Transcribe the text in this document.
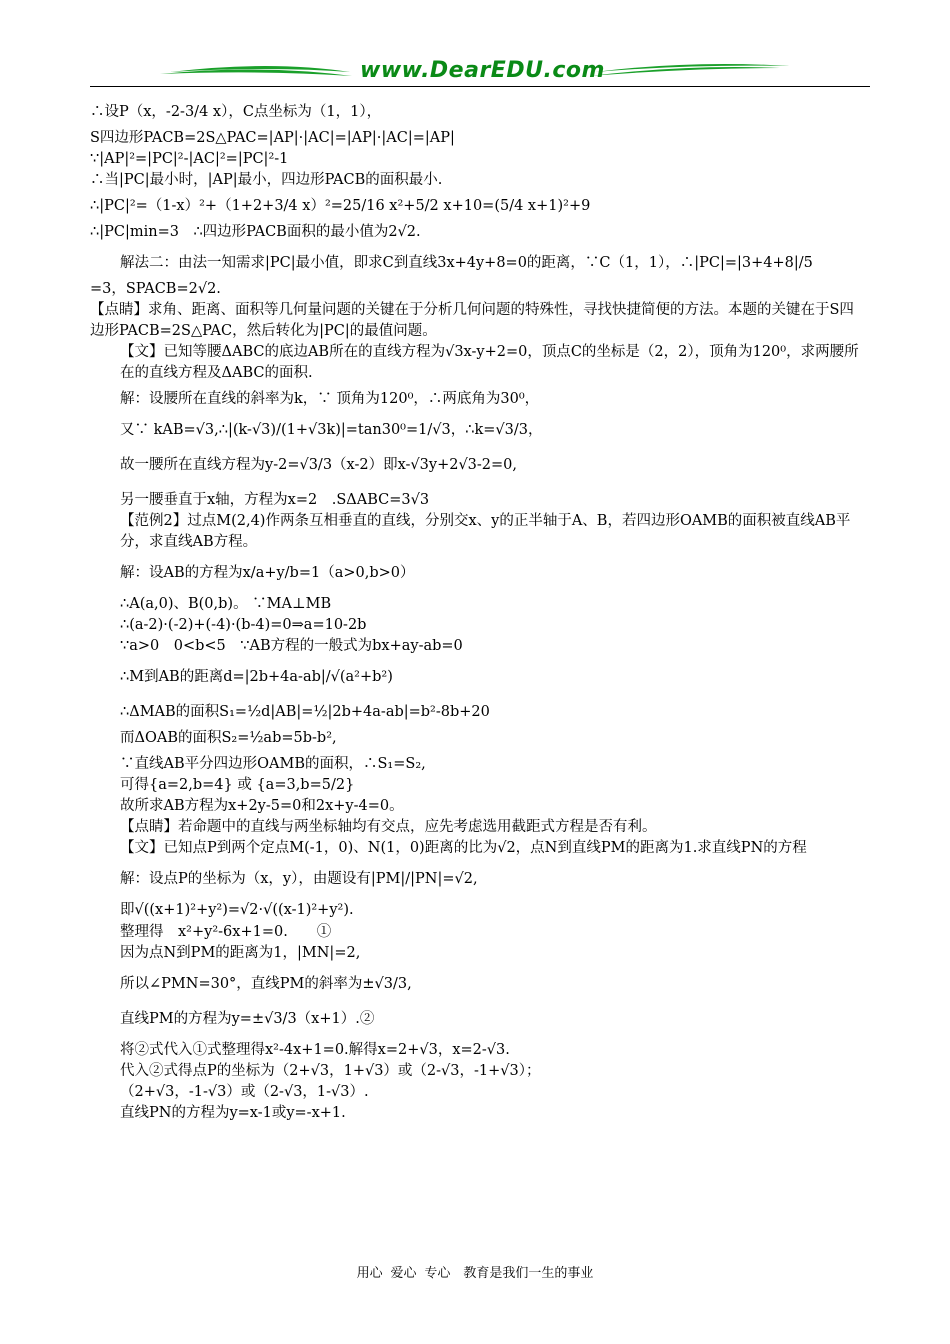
www.DearEDU.com
∴设P（x，-2-3/4 x），C点坐标为（1，1），
S四边形PACB=2S△PAC=|AP|·|AC|=|AP|·|AC|=|AP|
∵|AP|²=|PC|²-|AC|²=|PC|²-1
∴当|PC|最小时，|AP|最小，四边形PACB的面积最小.
∴|PC|²=（1-x）²+（1+2+3/4 x）²=25/16 x²+5/2 x+10=(5/4 x+1)²+9
∴|PC|min=3　∴四边形PACB面积的最小值为2√2.
解法二：由法一知需求|PC|最小值，即求C到直线3x+4y+8=0的距离，∵C（1，1），∴|PC|=|3+4+8|/5
=3，SPACB=2√2.
【点睛】求角、距离、面积等几何量问题的关键在于分析几何问题的特殊性，寻找快捷简便的方法。本题的关键在于S四边形PACB=2S△PAC，然后转化为|PC|的最值问题。
【文】已知等腰ΔABC的底边AB所在的直线方程为√3x-y+2=0，顶点C的坐标是（2，2），顶角为120⁰，求两腰所在的直线方程及ΔABC的面积.
解：设腰所在直线的斜率为k，∵ 顶角为120⁰，∴两底角为30⁰，
又∵ kAB=√3,∴|(k-√3)/(1+√3k)|=tan30⁰=1/√3，∴k=√3/3，
故一腰所在直线方程为y-2=√3/3（x-2）即x-√3y+2√3-2=0,
另一腰垂直于x轴，方程为x=2　.SΔABC=3√3
【范例2】过点M(2,4)作两条互相垂直的直线，分别交x、y的正半轴于A、B，若四边形OAMB的面积被直线AB平分，求直线AB方程。
解：设AB的方程为x/a+y/b=1（a>0,b>0）
∴A(a,0)、B(0,b)。 ∵MA⊥MB
∴(a-2)·(-2)+(-4)·(b-4)=0⇒a=10-2b
∵a>0　0<b<5　∵AB方程的一般式为bx+ay-ab=0
∴M到AB的距离d=|2b+4a-ab|/√(a²+b²)
∴ΔMAB的面积S₁=½d|AB|=½|2b+4a-ab|=b²-8b+20
而ΔOAB的面积S₂=½ab=5b-b²,
∵直线AB平分四边形OAMB的面积，∴S₁=S₂,
可得{a=2,b=4} 或 {a=3,b=5/2}
故所求AB方程为x+2y-5=0和2x+y-4=0。
【点睛】若命题中的直线与两坐标轴均有交点，应先考虑选用截距式方程是否有利。
【文】已知点P到两个定点M(-1，0)、N(1，0)距离的比为√2，点N到直线PM的距离为1.求直线PN的方程
解：设点P的坐标为（x，y），由题设有|PM|/|PN|=√2,
即√((x+1)²+y²)=√2·√((x-1)²+y²).
整理得　x²+y²-6x+1=0.　　①
因为点N到PM的距离为1，|MN|=2,
所以∠PMN=30°，直线PM的斜率为±√3/3,
直线PM的方程为y=±√3/3（x+1）.②
将②式代入①式整理得x²-4x+1=0.解得x=2+√3，x=2-√3.
代入②式得点P的坐标为（2+√3，1+√3）或（2-√3，-1+√3）；
（2+√3，-1-√3）或（2-√3，1-√3）.
直线PN的方程为y=x-1或y=-x+1.
用心 爱心 专心　教育是我们一生的事业
